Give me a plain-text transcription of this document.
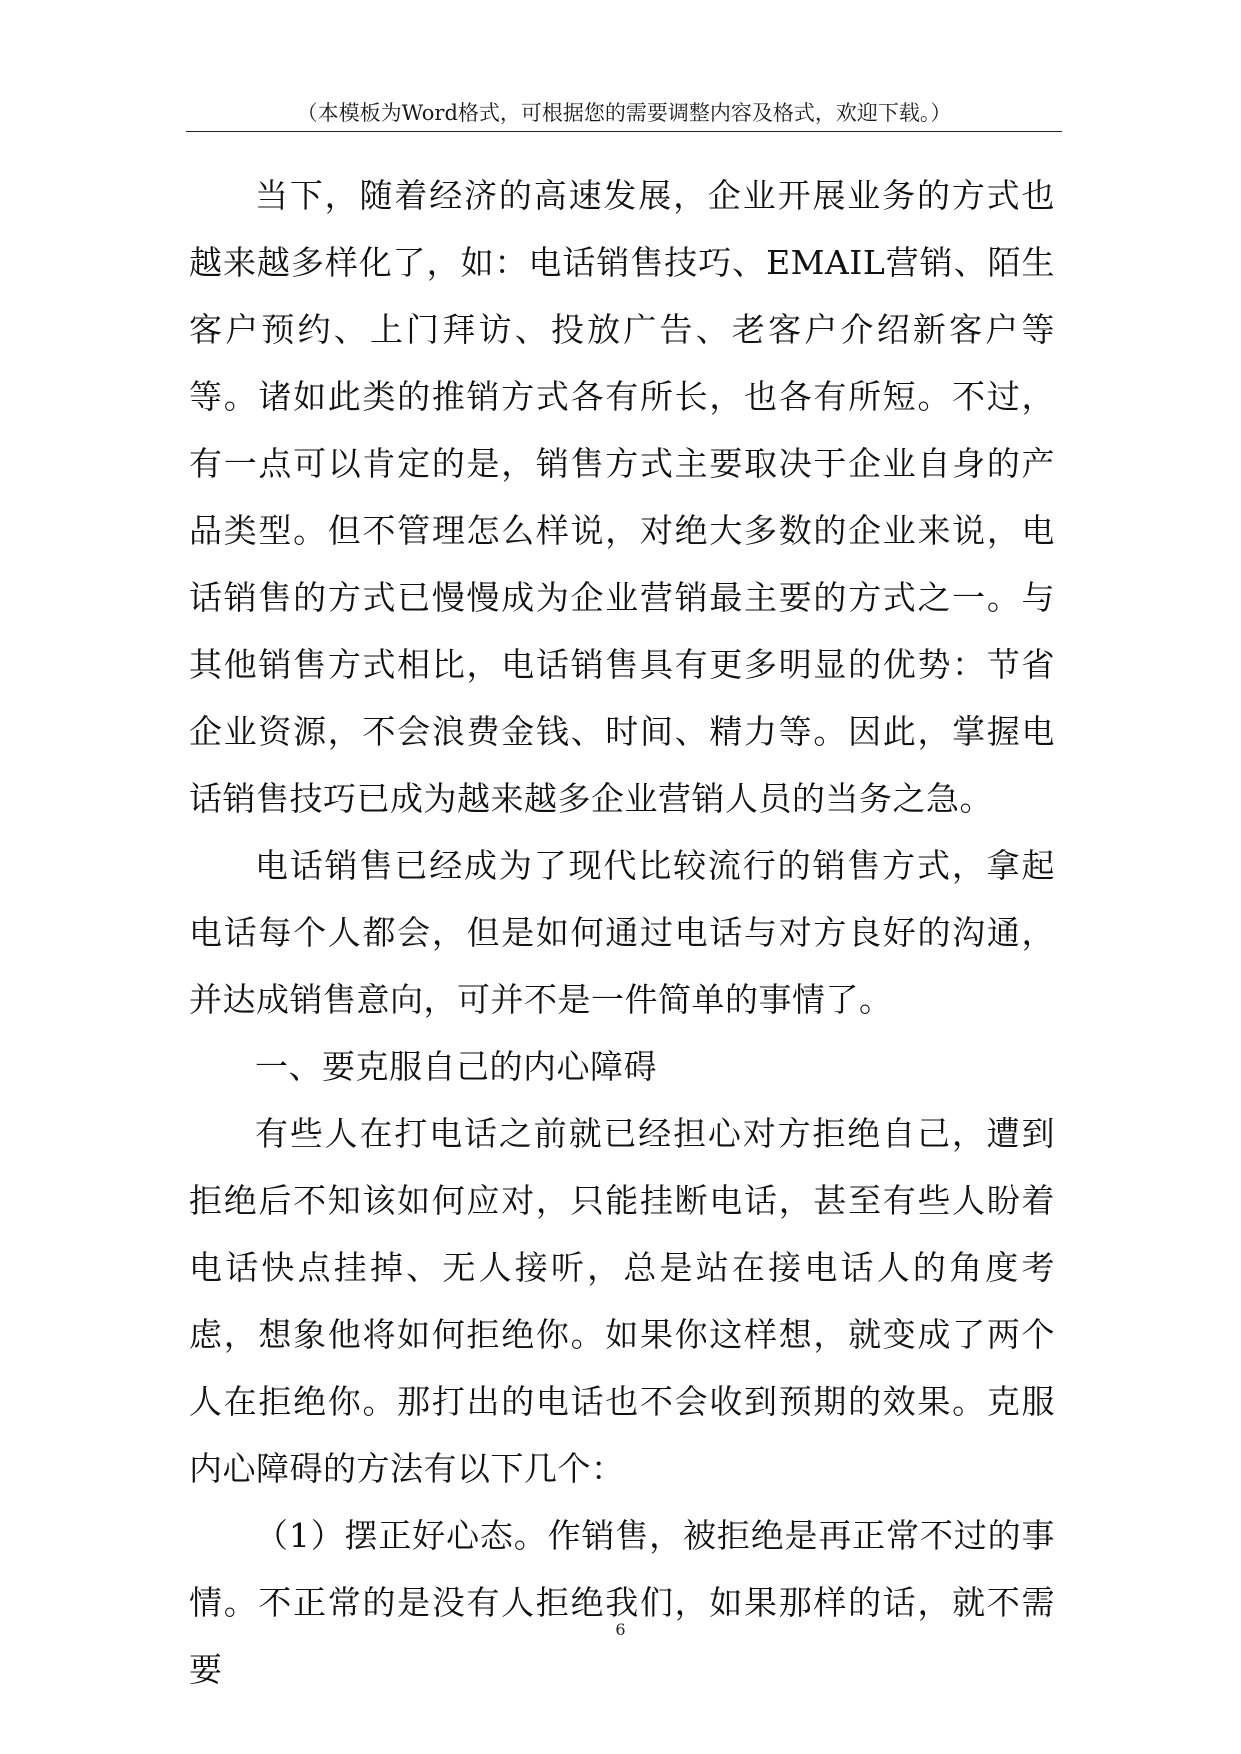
（本模板为Word格式，可根据您的需要调整内容及格式，欢迎下载。）

当下，随着经济的高速发展，企业开展业务的方式也越来越多样化了，如：电话销售技巧、EMAIL营销、陌生客户预约、上门拜访、投放广告、老客户介绍新客户等等。诸如此类的推销方式各有所长，也各有所短。不过，有一点可以肯定的是，销售方式主要取决于企业自身的产品类型。但不管理怎么样说，对绝大多数的企业来说，电话销售的方式已慢慢成为企业营销最主要的方式之一。与其他销售方式相比，电话销售具有更多明显的优势：节省企业资源，不会浪费金钱、时间、精力等。因此，掌握电话销售技巧已成为越来越多企业营销人员的当务之急。

电话销售已经成为了现代比较流行的销售方式，拿起电话每个人都会，但是如何通过电话与对方良好的沟通，并达成销售意向，可并不是一件简单的事情了。

一、要克服自己的内心障碍

有些人在打电话之前就已经担心对方拒绝自己，遭到拒绝后不知该如何应对，只能挂断电话，甚至有些人盼着电话快点挂掉、无人接听，总是站在接电话人的角度考虑，想象他将如何拒绝你。如果你这样想，就变成了两个人在拒绝你。那打出的电话也不会收到预期的效果。克服内心障碍的方法有以下几个：

（1）摆正好心态。作销售，被拒绝是再正常不过的事情。不正常的是没有人拒绝我们，如果那样的话，就不需要

6
